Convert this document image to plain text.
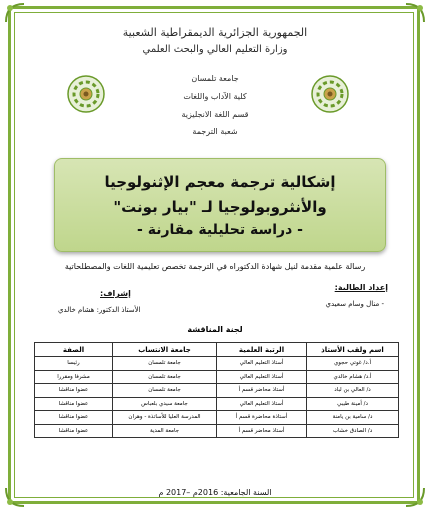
الجمهورية الجزائرية الديمقراطية الشعبية
وزارة التعليم العالي والبحث العلمي
جامعة تلمسان
كلية الآداب واللغات
قسم اللغة الانجليزية
شعبة الترجمة
إشكالية ترجمة معجم الإثنولوجيا
والأنثروبولوجيا لـ "بيار بونت"
- دراسة تحليلية مقارنة -
رسالة علمية مقدمة لنيل شهادة الدكتوراه في الترجمة تخصص تعليمية اللغات والمصطلحاتية
إعداد الطالبة:
- منال وسام سعيدي
إشراف:
الأستاذ الدكتور: هشام خالدي
لجنة المناقشة
اسم ولقب الأستاذ	الرتبة العلمية	جامعة الانتساب	الصفة
أ.د/ غوتي حجوي	أستاذ التعليم العالي	جامعة تلمسان	رئيسا
أ.د/ هشام خالدي	أستاذ التعليم العالي	جامعة تلمسان	مشرفا ومقررا
د/ العالي بن لباد	أستاذ محاضر قسم أ	جامعة تلمسان	عضوا مناقشا
د/ أمينة طيبي	أستاذ التعليم العالي	جامعة سيدي بلعباس	عضوا مناقشا
د/ سامية بن يامنة	أستاذة محاضرة قسم أ	المدرسة العليا للأساتذة - وهران	عضوا مناقشا
د/ الصادق خشاب	أستاذ محاضر قسم أ	جامعة المدية	عضوا مناقشا
السنة الجامعية: 2016م –2017 م
